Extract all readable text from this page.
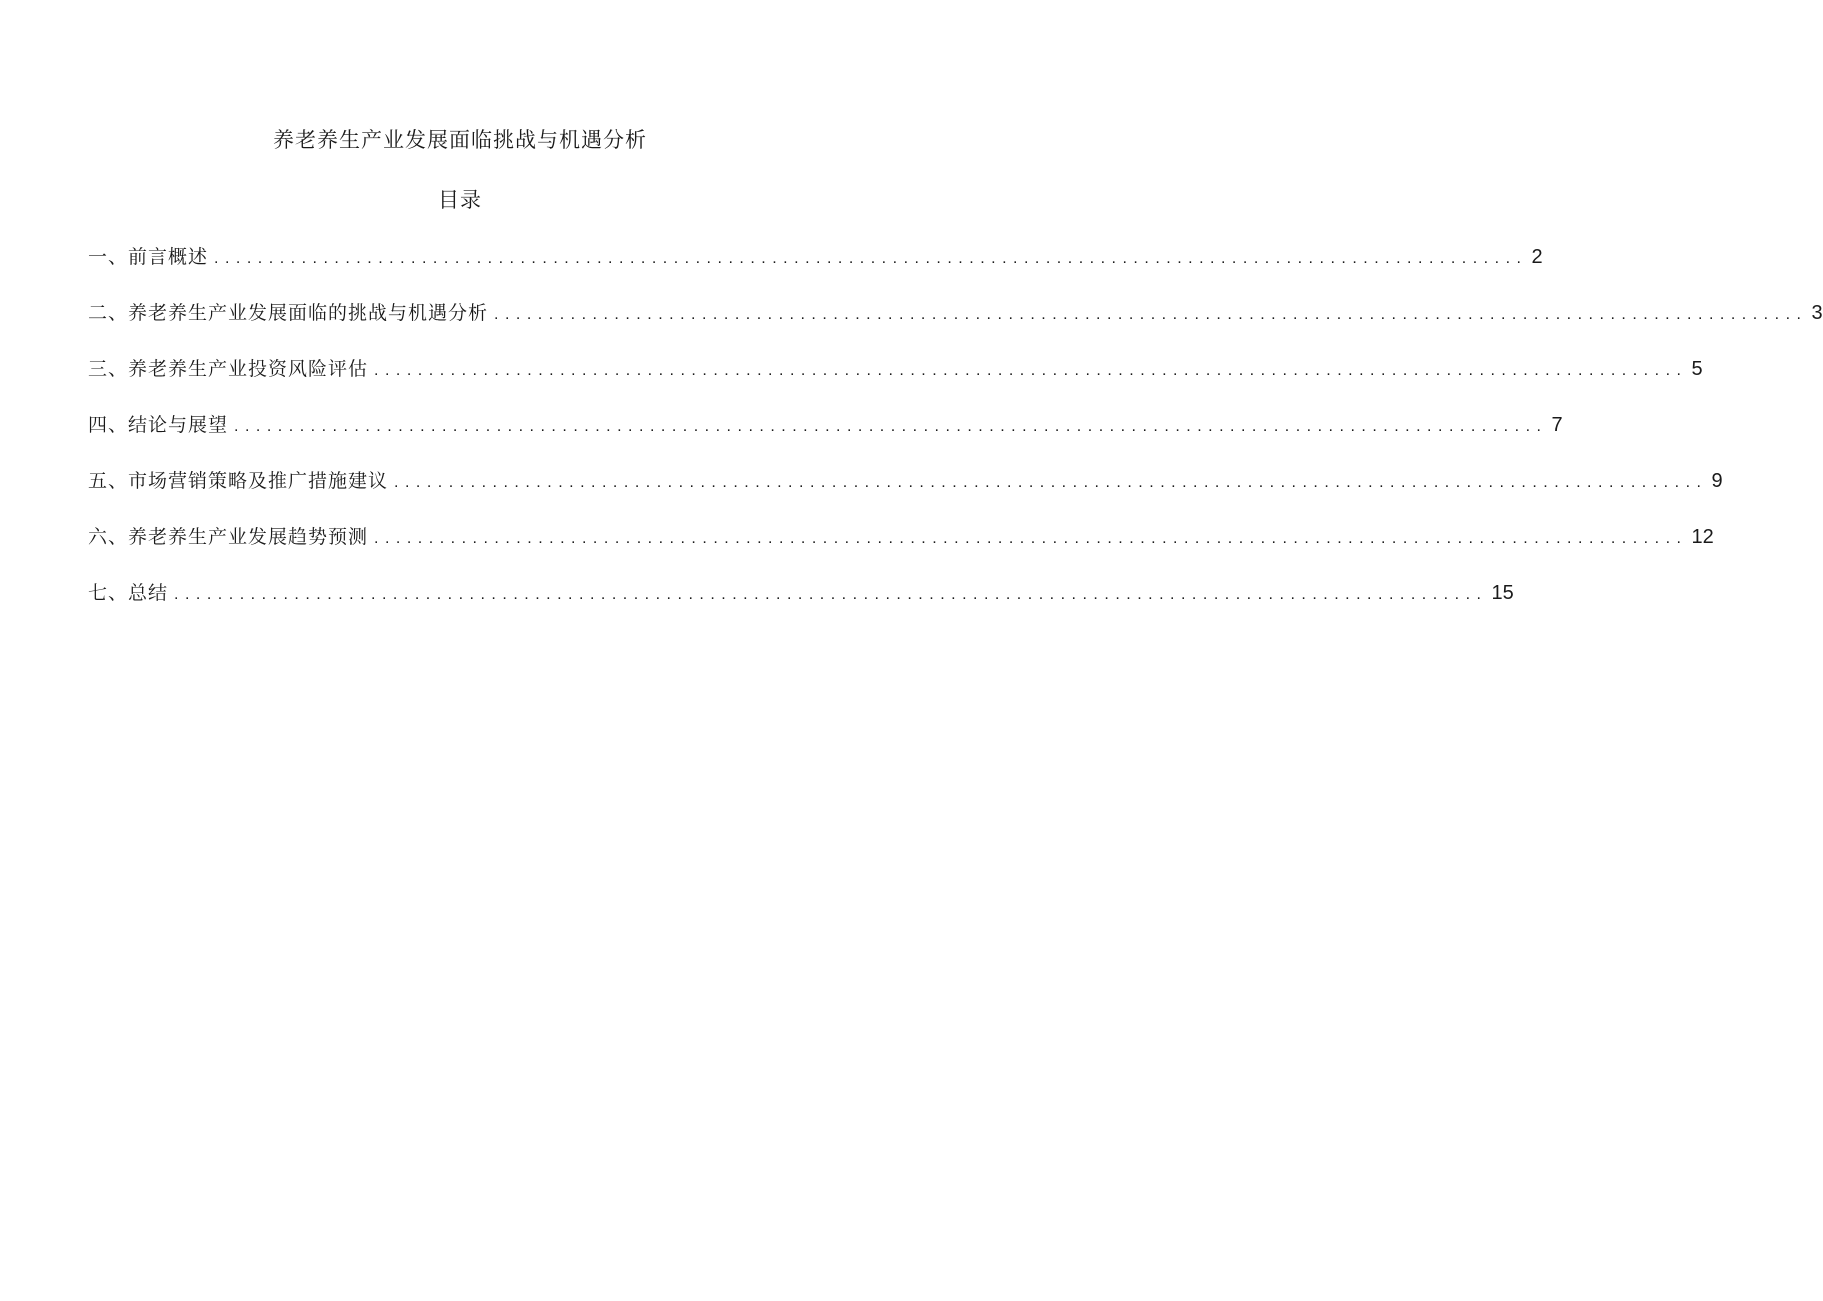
养老养生产业发展面临挑战与机遇分析
目录
一、前言概述 ........................................................................................................................ 2
二、养老养生产业发展面临的挑战与机遇分析 ........................................................................................................................ 3
三、养老养生产业投资风险评估 ........................................................................................................................ 5
四、结论与展望 ........................................................................................................................ 7
五、市场营销策略及推广措施建议 ........................................................................................................................ 9
六、养老养生产业发展趋势预测 ........................................................................................................................ 12
七、总结 ........................................................................................................................ 15
